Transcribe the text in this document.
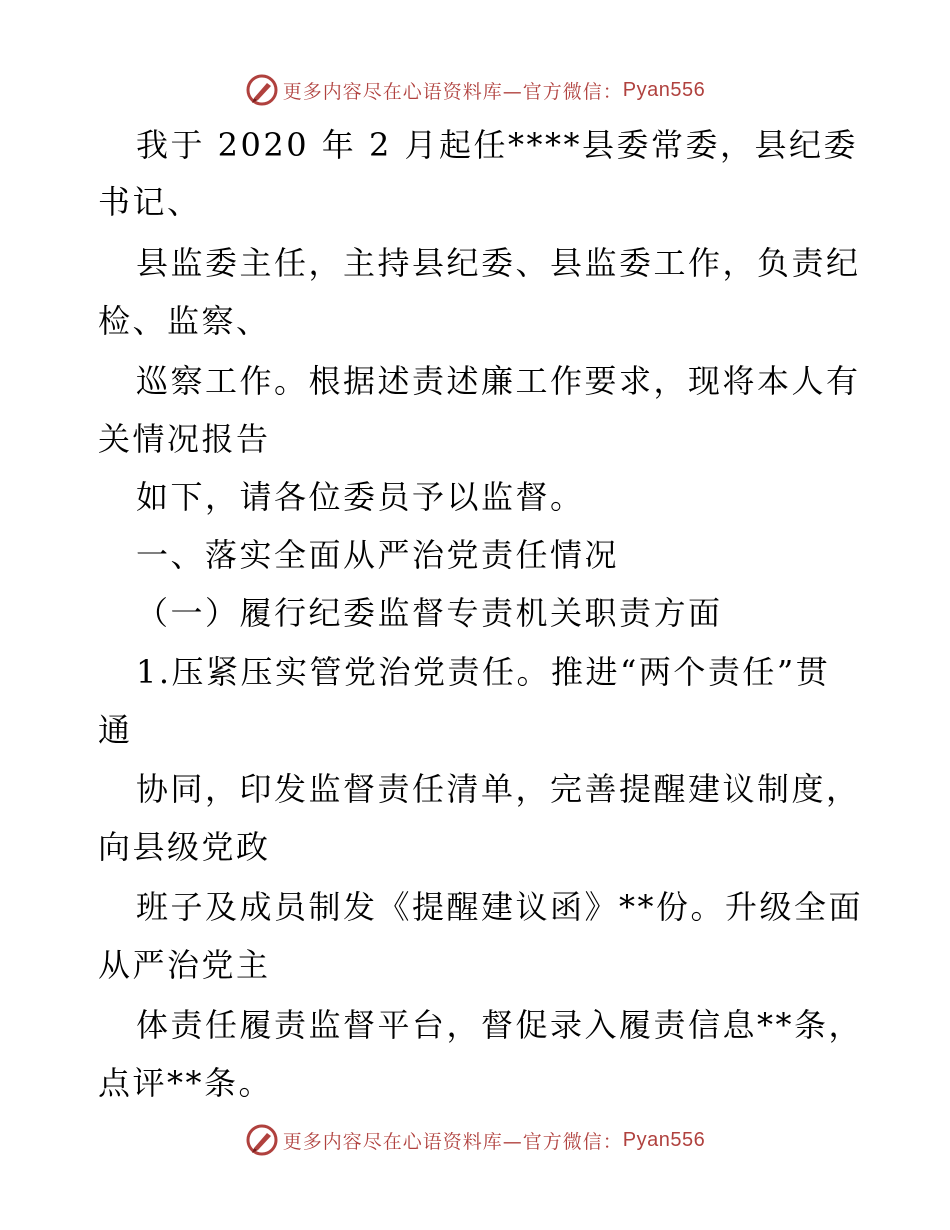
更多内容尽在心语资料库—官方微信： Pyan556
我于 2020 年 2 月起任****县委常委，县纪委
书记、
县监委主任，主持县纪委、县监委工作，负责纪
检、监察、
巡察工作。根据述责述廉工作要求，现将本人有
关情况报告
如下，请各位委员予以监督。
一、落实全面从严治党责任情况
（一）履行纪委监督专责机关职责方面
1.压紧压实管党治党责任。推进“两个责任”贯
通
协同，印发监督责任清单，完善提醒建议制度，
向县级党政
班子及成员制发《提醒建议函》**份。升级全面
从严治党主
体责任履责监督平台，督促录入履责信息**条，
点评**条。
更多内容尽在心语资料库—官方微信： Pyan556
